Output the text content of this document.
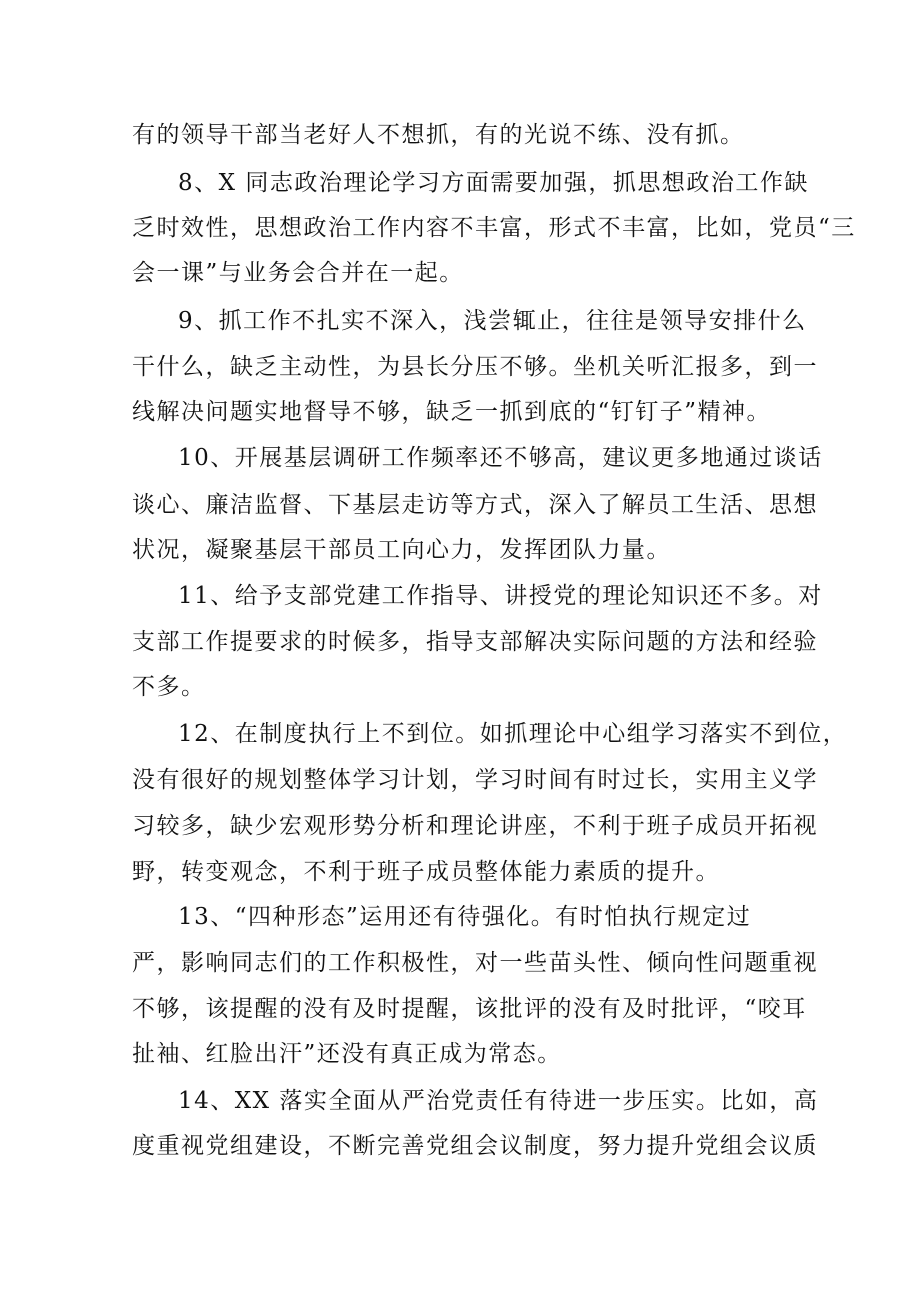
有的领导干部当老好人不想抓，有的光说不练、没有抓。
8、X 同志政治理论学习方面需要加强，抓思想政治工作缺
乏时效性，思想政治工作内容不丰富，形式不丰富，比如，党员“三
会一课”与业务会合并在一起。
9、抓工作不扎实不深入，浅尝辄止，往往是领导安排什么
干什么，缺乏主动性，为县长分压不够。坐机关听汇报多，到一
线解决问题实地督导不够，缺乏一抓到底的“钉钉子”精神。
10、开展基层调研工作频率还不够高，建议更多地通过谈话
谈心、廉洁监督、下基层走访等方式，深入了解员工生活、思想
状况，凝聚基层干部员工向心力，发挥团队力量。
11、给予支部党建工作指导、讲授党的理论知识还不多。对
支部工作提要求的时候多，指导支部解决实际问题的方法和经验
不多。
12、在制度执行上不到位。如抓理论中心组学习落实不到位，
没有很好的规划整体学习计划，学习时间有时过长，实用主义学
习较多，缺少宏观形势分析和理论讲座，不利于班子成员开拓视
野，转变观念，不利于班子成员整体能力素质的提升。
13、“四种形态”运用还有待强化。有时怕执行规定过
严，影响同志们的工作积极性，对一些苗头性、倾向性问题重视
不够，该提醒的没有及时提醒，该批评的没有及时批评，“咬耳
扯袖、红脸出汗”还没有真正成为常态。
14、XX 落实全面从严治党责任有待进一步压实。比如，高
度重视党组建设，不断完善党组会议制度，努力提升党组会议质
